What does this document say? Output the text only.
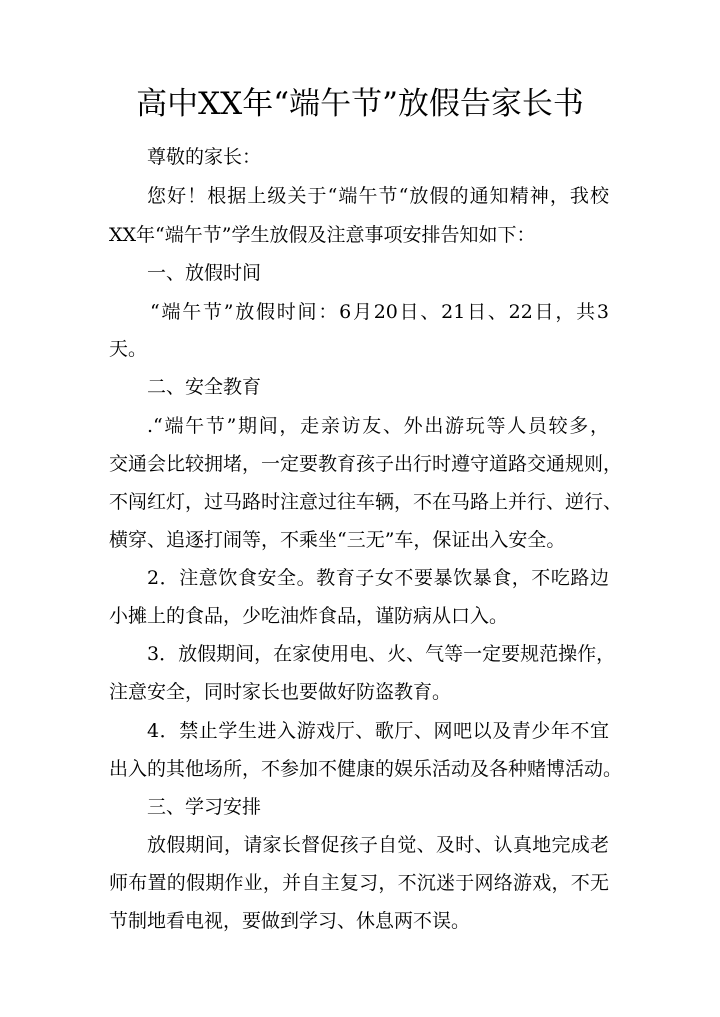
高中XX年“端午节”放假告家长书
尊敬的家长：
您好！根据上级关于“端午节“放假的通知精神，我校
XX年“端午节”学生放假及注意事项安排告知如下：
一、放假时间
“端午节”放假时间：6月20日、21日、22日，共3
天。
二、安全教育
.“端午节”期间，走亲访友、外出游玩等人员较多，
交通会比较拥堵，一定要教育孩子出行时遵守道路交通规则，
不闯红灯，过马路时注意过往车辆，不在马路上并行、逆行、
横穿、追逐打闹等，不乘坐“三无”车，保证出入安全。
2．注意饮食安全。教育子女不要暴饮暴食，不吃路边
小摊上的食品，少吃油炸食品，谨防病从口入。
3．放假期间，在家使用电、火、气等一定要规范操作，
注意安全，同时家长也要做好防盗教育。
4．禁止学生进入游戏厅、歌厅、网吧以及青少年不宜
出入的其他场所，不参加不健康的娱乐活动及各种赌博活动。
三、学习安排
放假期间，请家长督促孩子自觉、及时、认真地完成老
师布置的假期作业，并自主复习，不沉迷于网络游戏，不无
节制地看电视，要做到学习、休息两不误。
